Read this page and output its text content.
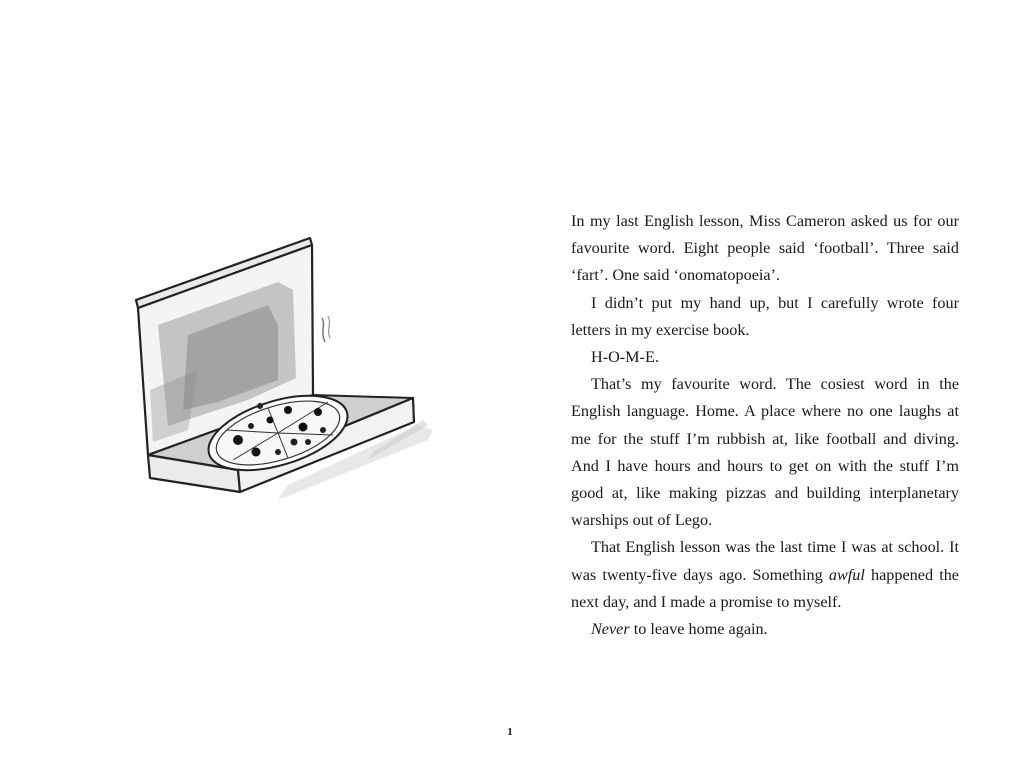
In my last English lesson, Miss Cameron asked us for our favourite word. Eight people said ‘football’. Three said ‘fart’. One said ‘onomatopoeia’.

I didn’t put my hand up, but I carefully wrote four letters in my exercise book.

H-O-M-E.

That’s my favourite word. The cosiest word in the English language. Home. A place where no one laughs at me for the stuff I’m rubbish at, like football and diving. And I have hours and hours to get on with the stuff I’m good at, like making pizzas and building interplanetary warships out of Lego.

That English lesson was the last time I was at school. It was twenty-five days ago. Something awful happened the next day, and I made a promise to myself.

Never to leave home again.

1
